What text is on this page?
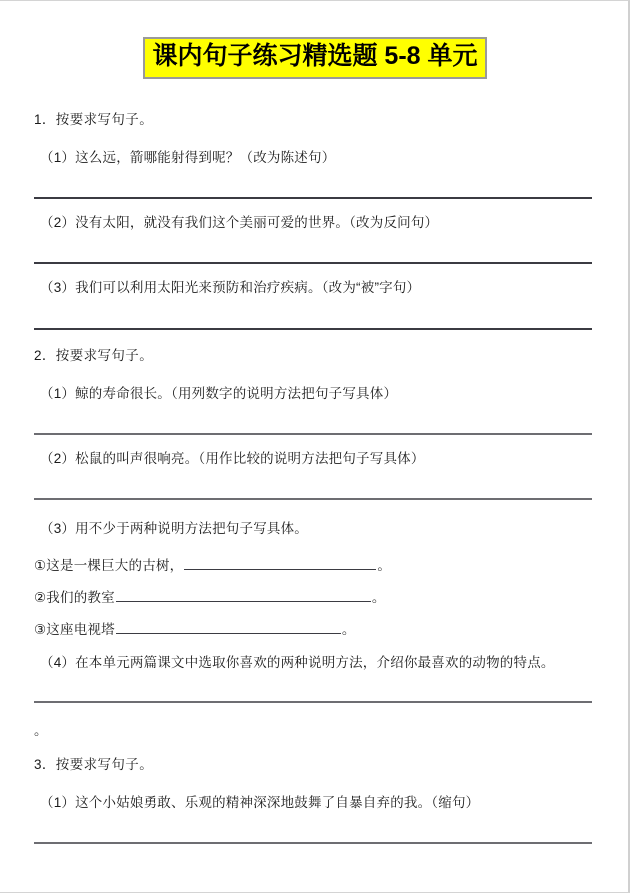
课内句子练习精选题 5-8 单元
1．按要求写句子。
（1）这么远，箭哪能射得到呢？（改为陈述句）
（2）没有太阳，就没有我们这个美丽可爱的世界。（改为反问句）
（3）我们可以利用太阳光来预防和治疗疾病。（改为“被”字句）
2．按要求写句子。
（1）鲸的寿命很长。（用列数字的说明方法把句子写具体）
（2）松鼠的叫声很响亮。（用作比较的说明方法把句子写具体）
（3）用不少于两种说明方法把句子写具体。
①这是一棵巨大的古树，	。
②我们的教室	。
③这座电视塔	。
（4）在本单元两篇课文中选取你喜欢的两种说明方法，介绍你最喜欢的动物的特点。
。
3．按要求写句子。
（1）这个小姑娘勇敢、乐观的精神深深地鼓舞了自暴自弃的我。（缩句）
